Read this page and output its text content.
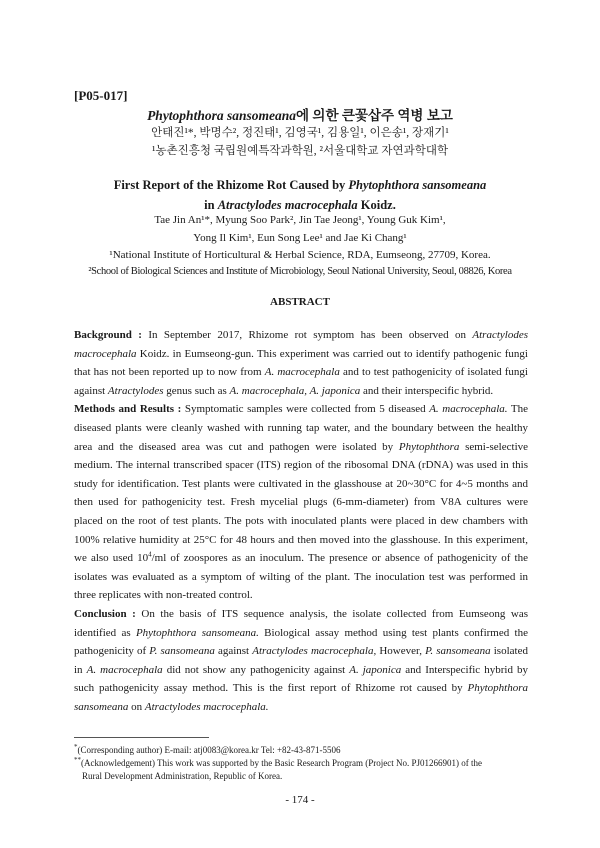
[P05-017]
Phytophthora sansomeana에 의한 큰꽃삽주 역병 보고
안태진¹*, 박명수², 정진태¹, 김영국¹, 김용일¹, 이은송¹, 장재기¹
¹농촌진흥청 국립원예특작과학원, ²서울대학교 자연과학대학
First Report of the Rhizome Rot Caused by Phytophthora sansomeana
in Atractylodes macrocephala Koidz.
Tae Jin An¹*, Myung Soo Park², Jin Tae Jeong¹, Young Guk Kim¹,
Yong Il Kim¹, Eun Song Lee¹ and Jae Ki Chang¹
¹National Institute of Horticultural & Herbal Science, RDA, Eumseong, 27709, Korea.
²School of Biological Sciences and Institute of Microbiology, Seoul National University, Seoul, 08826, Korea
ABSTRACT

Background : In September 2017, Rhizome rot symptom has been observed on Atractylodes macrocephala Koidz. in Eumseong-gun. This experiment was carried out to identify pathogenic fungi that has not been reported up to now from A. macrocephala and to test pathogenicity of isolated fungi against Atractylodes genus such as A. macrocephala, A. japonica and their interspecific hybrid.

Methods and Results : Symptomatic samples were collected from 5 diseased A. macrocephala. The diseased plants were cleanly washed with running tap water, and the boundary between the healthy area and the diseased area was cut and pathogen were isolated by Phytophthora semi-selective medium. The internal transcribed spacer (ITS) region of the ribosomal DNA (rDNA) was used in this study for identification. Test plants were cultivated in the glasshouse at 20~30°C for 4~5 months and then used for pathogenicity test. Fresh mycelial plugs (6-mm-diameter) from V8A cultures were placed on the root of test plants. The pots with inoculated plants were placed in dew chambers with 100% relative humidity at 25°C for 48 hours and then moved into the glasshouse. In this experiment, we also used $10^4/ml$ of zoospores as an inoculum. The presence or absence of pathogenicity of the isolates was evaluated as a symptom of wilting of the plant. The inoculation test was performed in three replicates with non-treated control.

Conclusion : On the basis of ITS sequence analysis, the isolate collected from Eumseong was identified as Phytophthora sansomeana. Biological assay method using test plants confirmed the pathogenicity of P. sansomeana against Atractylodes macrocephala, However, P. sansomeana isolated in A. macrocephala did not show any pathogenicity against A. japonica and Interspecific hybrid by such pathogenicity assay method. This is the first report of Rhizome rot caused by Phytophthora sansomeana on Atractylodes macrocephala.

*(Corresponding author) E-mail: atj0083@korea.kr Tel: +82-43-871-5506
**(Acknowledgement) This work was supported by the Basic Research Program (Project No. PJ01266901) of the
Rural Development Administration, Republic of Korea.
- 174 -
